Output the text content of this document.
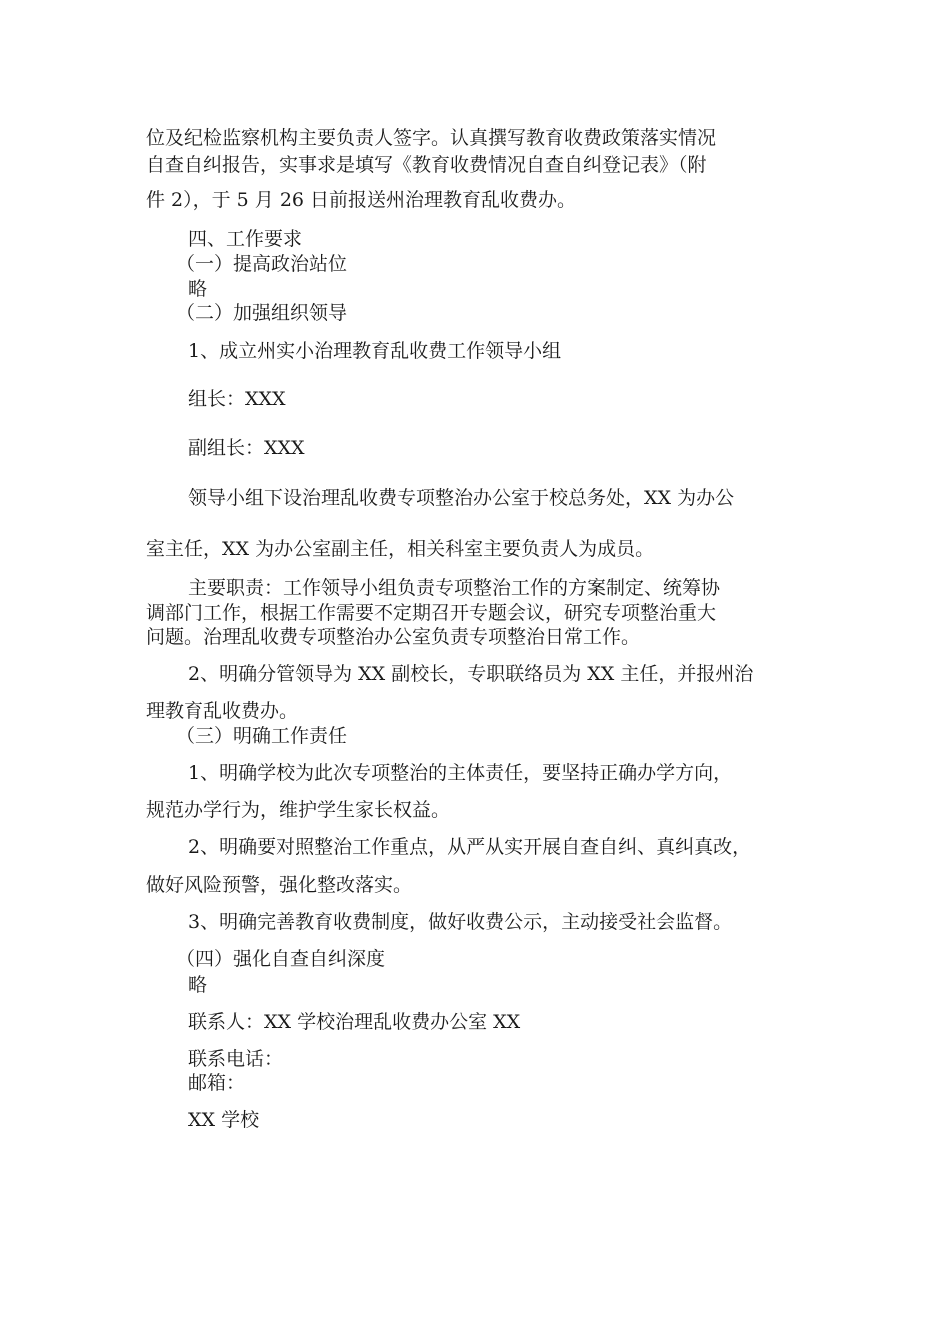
位及纪检监察机构主要负责人签字。认真撰写教育收费政策落实情况
自查自纠报告，实事求是填写《教育收费情况自查自纠登记表》（附
件 2），于 5 月 26 日前报送州治理教育乱收费办。
四、工作要求
（一）提高政治站位
略
（二）加强组织领导
1、成立州实小治理教育乱收费工作领导小组
组长：XXX
副组长：XXX
领导小组下设治理乱收费专项整治办公室于校总务处，XX 为办公
室主任，XX 为办公室副主任，相关科室主要负责人为成员。
主要职责：工作领导小组负责专项整治工作的方案制定、统筹协
调部门工作，根据工作需要不定期召开专题会议，研究专项整治重大
问题。治理乱收费专项整治办公室负责专项整治日常工作。
2、明确分管领导为 XX 副校长，专职联络员为 XX 主任，并报州治
理教育乱收费办。
（三）明确工作责任
1、明确学校为此次专项整治的主体责任，要坚持正确办学方向，
规范办学行为，维护学生家长权益。
2、明确要对照整治工作重点，从严从实开展自查自纠、真纠真改，
做好风险预警，强化整改落实。
3、明确完善教育收费制度，做好收费公示，主动接受社会监督。
（四）强化自查自纠深度
略
联系人：XX 学校治理乱收费办公室 XX
联系电话：
邮箱：
XX 学校
